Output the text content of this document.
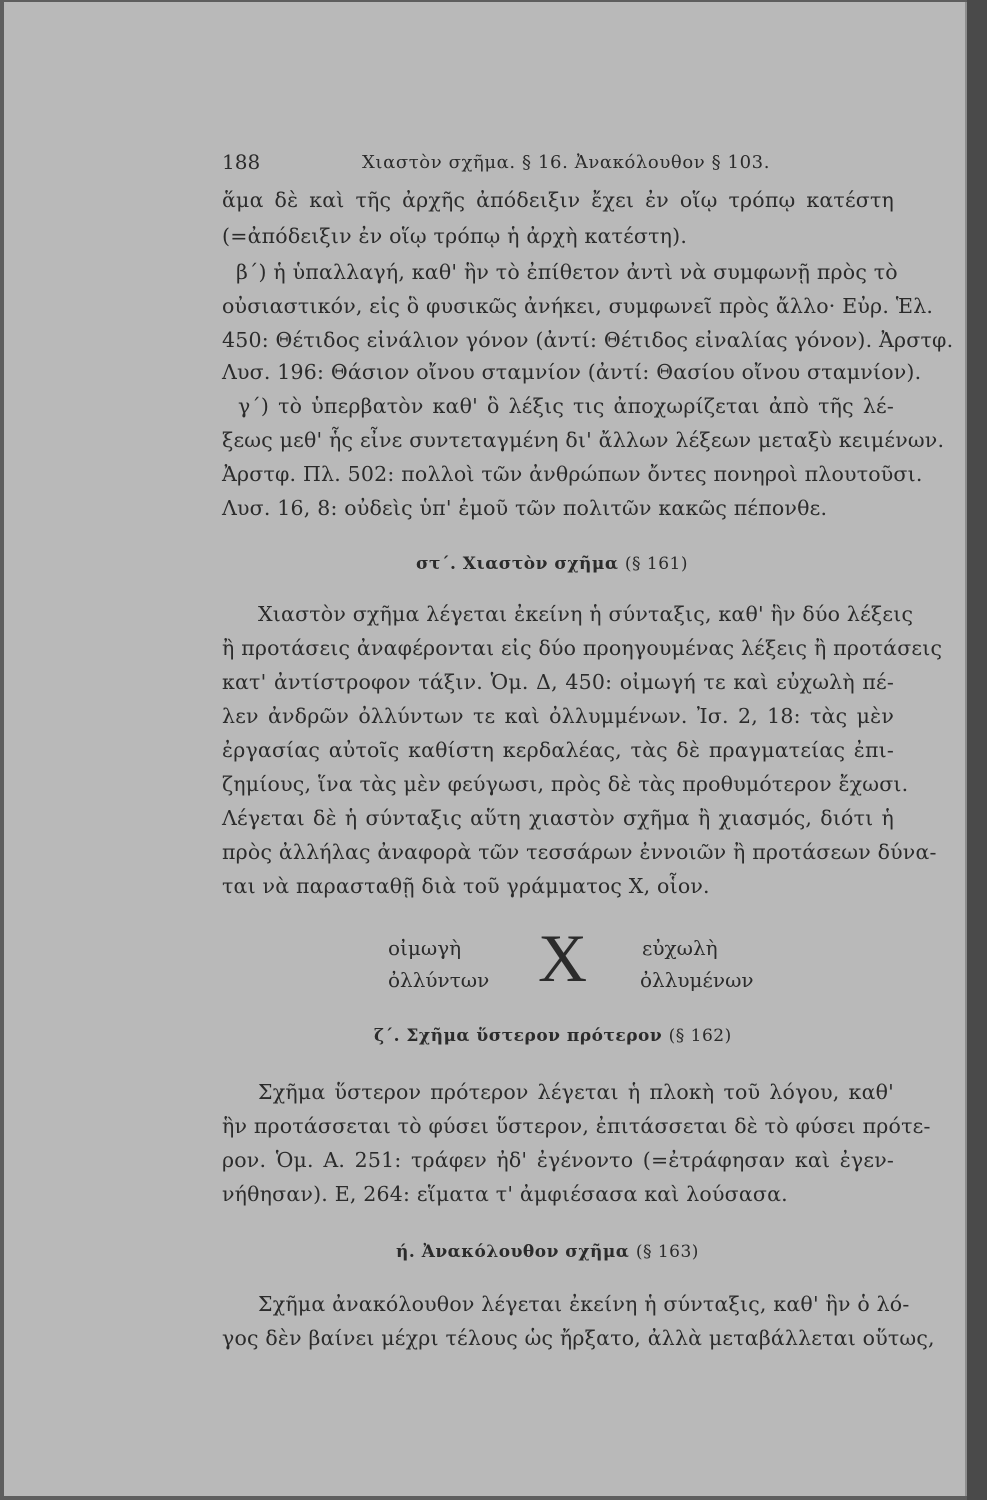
188	Χιαστὸν σχῆμα. § 16. Ἀνακόλουθον § 103.
ἅμα δὲ καὶ τῆς ἀρχῆς ἀπόδειξιν ἔχει ἐν οἵῳ τρόπῳ κατέστη
(=ἀπόδειξιν ἐν οἵῳ τρόπῳ ἡ ἀρχὴ κατέστη).
β΄) ἡ ὑπαλλαγή, καθ' ἣν τὸ ἐπίθετον ἀντὶ νὰ συμφωνῇ πρὸς τὸ
οὐσιαστικόν, εἰς ὃ φυσικῶς ἀνήκει, συμφωνεῖ πρὸς ἄλλο· Εὐρ. Ἑλ.
450: Θέτιδος εἰνάλιον γόνον (ἀντί: Θέτιδος εἰναλίας γόνον). Ἀρστφ.
Λυσ. 196: Θάσιον οἴνου σταμνίον (ἀντί: Θασίου οἴνου σταμνίον).
γ΄) τὸ ὑπερβατὸν καθ' ὃ λέξις τις ἀποχωρίζεται ἀπὸ τῆς λέ-
ξεως μεθ' ἧς εἶνε συντεταγμένη δι' ἄλλων λέξεων μεταξὺ κειμένων.
Ἀρστφ. Πλ. 502: πολλοὶ τῶν ἀνθρώπων ὄντες πονηροὶ πλουτοῦσι.
Λυσ. 16, 8: οὐδεὶς ὑπ' ἐμοῦ τῶν πολιτῶν κακῶς πέπονθε.
στ΄. Χιαστὸν σχῆμα (§ 161)
Χιαστὸν σχῆμα λέγεται ἐκείνη ἡ σύνταξις, καθ' ἣν δύο λέξεις
ἢ προτάσεις ἀναφέρονται εἰς δύο προηγουμένας λέξεις ἢ προτάσεις
κατ' ἀντίστροφον τάξιν. Ὁμ. Δ, 450: οἰμωγή τε καὶ εὐχωλὴ πέ-
λεν ἀνδρῶν ὀλλύντων τε καὶ ὀλλυμμένων. Ἰσ. 2, 18: τὰς μὲν
ἐργασίας αὐτοῖς καθίστη κερδαλέας, τὰς δὲ πραγματείας ἐπι-
ζημίους, ἵνα τὰς μὲν φεύγωσι, πρὸς δὲ τὰς προθυμότερον ἔχωσι.
Λέγεται δὲ ἡ σύνταξις αὕτη χιαστὸν σχῆμα ἢ χιασμός, διότι ἡ
πρὸς ἀλλήλας ἀναφορὰ τῶν τεσσάρων ἐννοιῶν ἢ προτάσεων δύνα-
ται νὰ παρασταθῇ διὰ τοῦ γράμματος Χ, οἷον.
οἰμωγὴ
ὀλλύντων X	εὐχωλὴ
ὀλλυμένων
ζ΄. Σχῆμα ὕστερον πρότερον (§ 162)
Σχῆμα ὕστερον πρότερον λέγεται ἡ πλοκὴ τοῦ λόγου, καθ'
ἣν προτάσσεται τὸ φύσει ὕστερον, ἐπιτάσσεται δὲ τὸ φύσει πρότε-
ρον. Ὁμ. Α. 251: τράφεν ἠδ' ἐγένοντο (=ἐτράφησαν καὶ ἐγεν-
νήθησαν). Ε, 264: εἵματα τ' ἀμφιέσασα καὶ λούσασα.
ή. Ἀνακόλουθον σχῆμα (§ 163)
Σχῆμα ἀνακόλουθον λέγεται ἐκείνη ἡ σύνταξις, καθ' ἣν ὁ λό-
γος δὲν βαίνει μέχρι τέλους ὡς ἤρξατο, ἀλλὰ μεταβάλλεται οὕτως,
